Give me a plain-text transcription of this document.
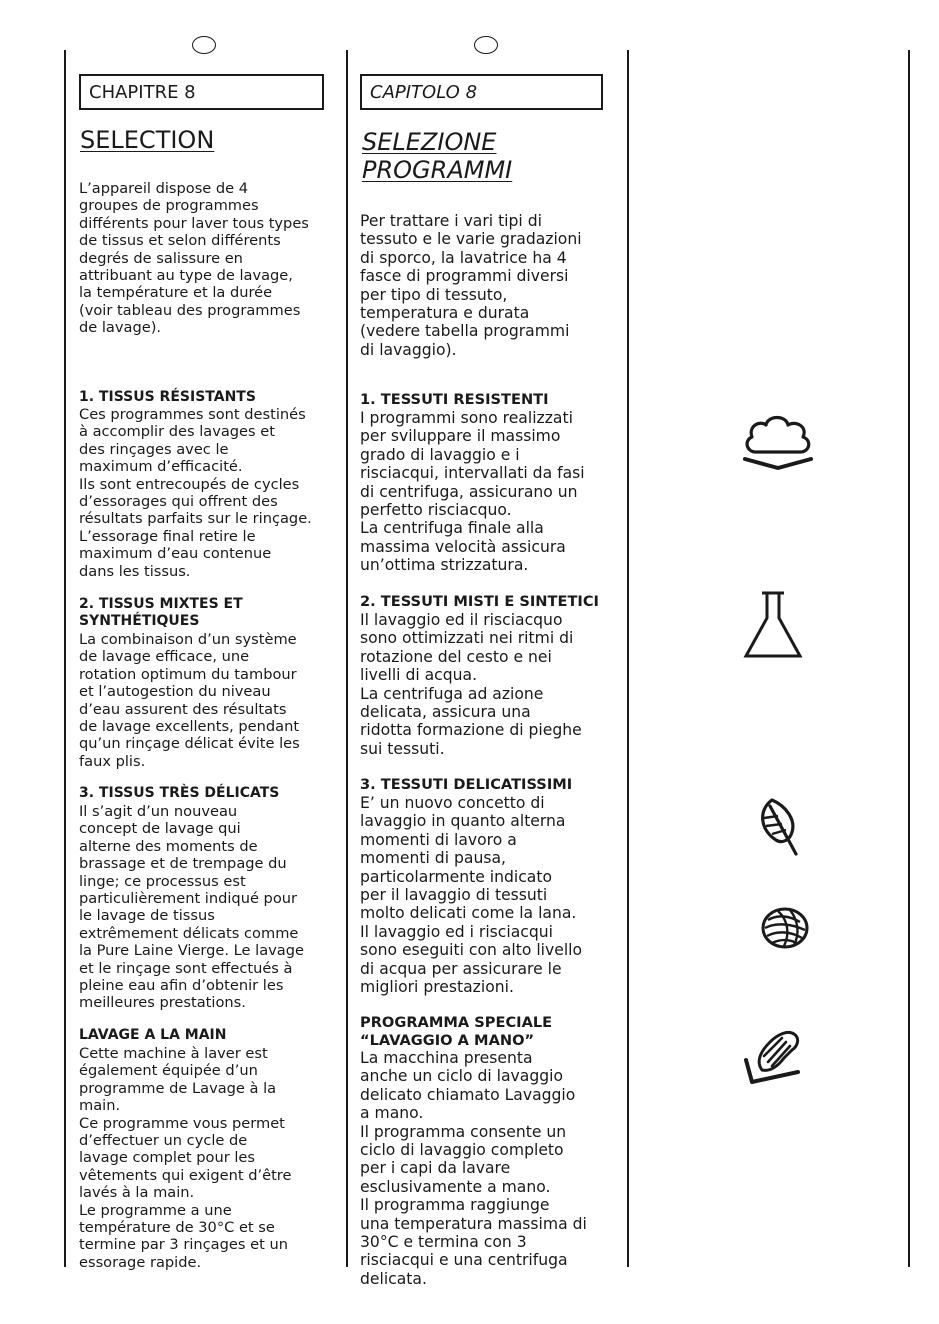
CHAPITRE 8
SELECTION

L’appareil dispose de 4
groupes de programmes
différents pour laver tous types
de tissus et selon différents
degrés de salissure en
attribuant au type de lavage,
la température et la durée
(voir tableau des programmes
de lavage).

1. TISSUS RÉSISTANTS

Ces programmes sont destinés
à accomplir des lavages et
des rinçages avec le
maximum d’efficacité.
Ils sont entrecoupés de cycles
d’essorages qui offrent des
résultats parfaits sur le rinçage.
L’essorage final retire le
maximum d’eau contenue
dans les tissus.

2. TISSUS MIXTES ET
SYNTHÉTIQUES

La combinaison d’un système
de lavage efficace, une
rotation optimum du tambour
et l’autogestion du niveau
d’eau assurent des résultats
de lavage excellents, pendant
qu’un rinçage délicat évite les
faux plis.

3. TISSUS TRÈS DÉLICATS

Il s’agit d’un nouveau
concept de lavage qui
alterne des moments de
brassage et de trempage du
linge; ce processus est
particulièrement indiqué pour
le lavage de tissus
extrêmement délicats comme
la Pure Laine Vierge. Le lavage
et le rinçage sont effectués à
pleine eau afin d’obtenir les
meilleures prestations.

LAVAGE A LA MAIN

Cette machine à laver est
également équipée d’un
programme de Lavage à la
main.
Ce programme vous permet
d’effectuer un cycle de
lavage complet pour les
vêtements qui exigent d’être
lavés à la main.
Le programme a une
température de 30°C et se
termine par 3 rinçages et un
essorage rapide.

CAPITOLO 8
SELEZIONE
PROGRAMMI

Per trattare i vari tipi di
tessuto e le varie gradazioni
di sporco, la lavatrice ha 4
fasce di programmi diversi
per tipo di tessuto,
temperatura e durata
(vedere tabella programmi
di lavaggio).

1. TESSUTI RESISTENTI

I programmi sono realizzati
per sviluppare il massimo
grado di lavaggio e i
risciacqui, intervallati da fasi
di centrifuga, assicurano un
perfetto risciacquo.
La centrifuga finale alla
massima velocità assicura
un’ottima strizzatura.

2. TESSUTI MISTI E SINTETICI

Il lavaggio ed il risciacquo
sono ottimizzati nei ritmi di
rotazione del cesto e nei
livelli di acqua.
La centrifuga ad azione
delicata, assicura una
ridotta formazione di pieghe
sui tessuti.

3. TESSUTI DELICATISSIMI

E’ un nuovo concetto di
lavaggio in quanto alterna
momenti di lavoro a
momenti di pausa,
particolarmente indicato
per il lavaggio di tessuti
molto delicati come la lana.
Il lavaggio ed i risciacqui
sono eseguiti con alto livello
di acqua per assicurare le
migliori prestazioni.

PROGRAMMA SPECIALE
“LAVAGGIO A MANO”

La macchina presenta
anche un ciclo di lavaggio
delicato chiamato Lavaggio
a mano.
Il programma consente un
ciclo di lavaggio completo
per i capi da lavare
esclusivamente a mano.
Il programma raggiunge
una temperatura massima di
30°C e termina con 3
risciacqui e una centrifuga
delicata.
